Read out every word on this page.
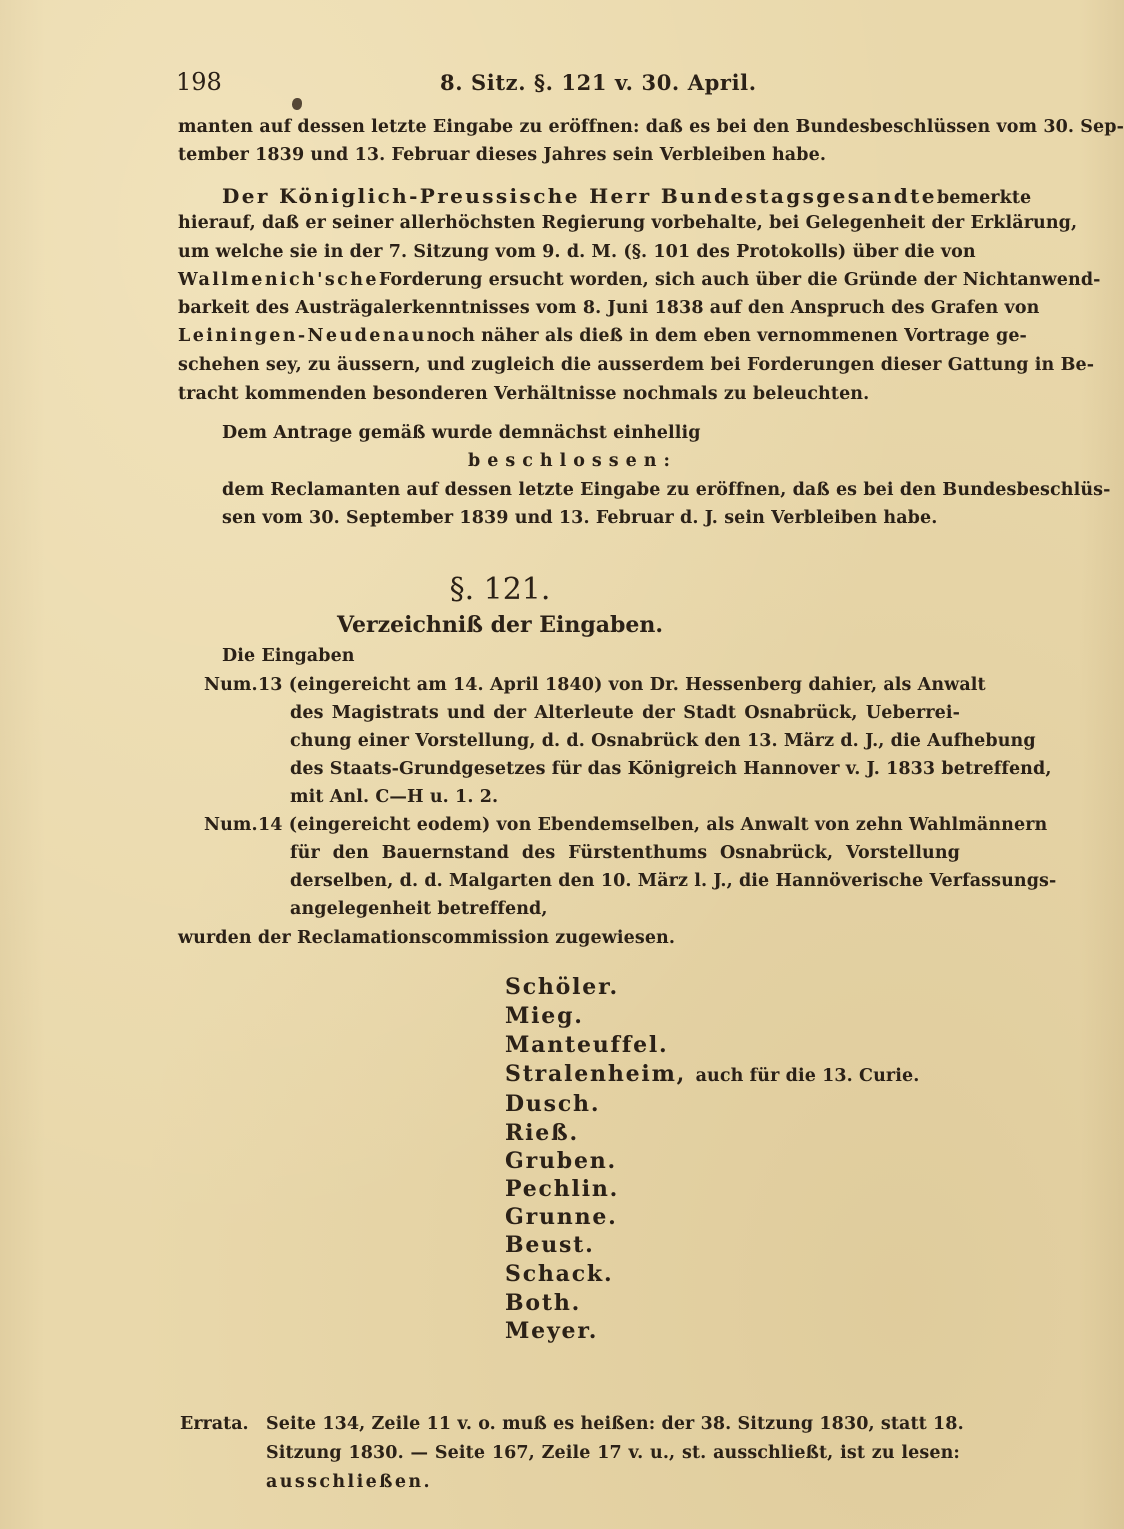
198	8. Sitz. §. 121 v. 30. April.
manten auf dessen letzte Eingabe zu eröffnen: daß es bei den Bundesbeschlüssen vom 30. Sep-
tember 1839 und 13. Februar dieses Jahres sein Verbleiben habe.
Der Königlich-Preussische Herr Bundestagsgesandte bemerkte
hierauf, daß er seiner allerhöchsten Regierung vorbehalte, bei Gelegenheit der Erklärung,
um welche sie in der 7. Sitzung vom 9. d. M. (§. 101 des Protokolls) über die von
Wallmenich'sche Forderung ersucht worden, sich auch über die Gründe der Nichtanwend-
barkeit des Austrägalerkenntnisses vom 8. Juni 1838 auf den Anspruch des Grafen von
Leiningen-Neudenau noch näher als dieß in dem eben vernommenen Vortrage ge-
schehen sey, zu äussern, und zugleich die ausserdem bei Forderungen dieser Gattung in Be-
tracht kommenden besonderen Verhältnisse nochmals zu beleuchten.
Dem Antrage gemäß wurde demnächst einhellig
beschlossen:
dem Reclamanten auf dessen letzte Eingabe zu eröffnen, daß es bei den Bundesbeschlüs-
sen vom 30. September 1839 und 13. Februar d. J. sein Verbleiben habe.
§. 121.
Verzeichniß der Eingaben.
Die Eingaben
Num. 13 (eingereicht am 14. April 1840) von Dr. Hessenberg dahier, als Anwalt
des Magistrats und der Alterleute der Stadt Osnabrück, Ueberrei-
chung einer Vorstellung, d. d. Osnabrück den 13. März d. J., die Aufhebung
des Staats-Grundgesetzes für das Königreich Hannover v. J. 1833 betreffend,
mit Anl. C—H u. 1. 2.
Num. 14 (eingereicht eodem) von Ebendemselben, als Anwalt von zehn Wahlmännern
für den Bauernstand des Fürstenthums Osnabrück, Vorstellung
derselben, d. d. Malgarten den 10. März l. J., die Hannöverische Verfassungs-
angelegenheit betreffend,
wurden der Reclamationscommission zugewiesen.
Schöler.
Mieg.
Manteuffel.
Stralenheim, auch für die 13. Curie.
Dusch.
Rieß.
Gruben.
Pechlin.
Grunne.
Beust.
Schack.
Both.
Meyer.
Errata. Seite 134, Zeile 11 v. o. muß es heißen: der 38. Sitzung 1830, statt 18.
Sitzung 1830. — Seite 167, Zeile 17 v. u., st. ausschließt, ist zu lesen:
ausschließen.
